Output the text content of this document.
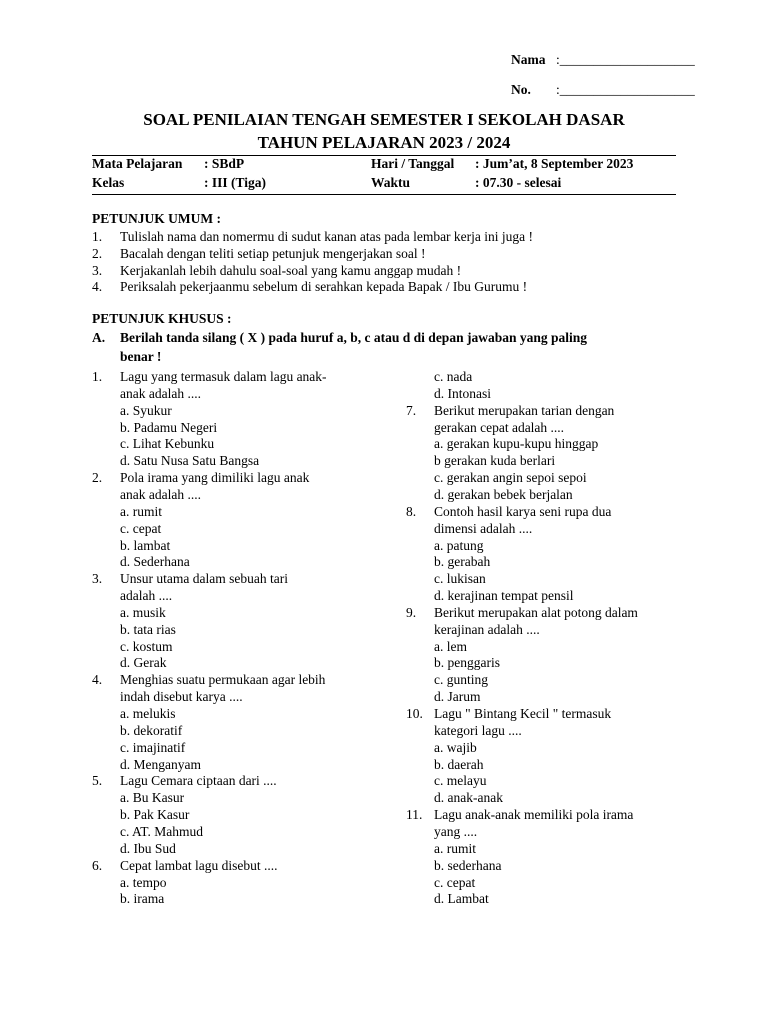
Nama :____________________
No. :____________________
SOAL PENILAIAN TENGAH SEMESTER I SEKOLAH DASAR
TAHUN PELAJARAN 2023 / 2024
Mata Pelajaran : SBdP	Hari / Tanggal : Jum’at, 8 September 2023
Kelas	: III (Tiga)	Waktu	: 07.30 - selesai
PETUNJUK UMUM :
1. Tulislah nama dan nomermu di sudut kanan atas pada lembar kerja ini juga !
2. Bacalah dengan teliti setiap petunjuk mengerjakan soal !
3. Kerjakanlah lebih dahulu soal-soal yang kamu anggap mudah !
4. Periksalah pekerjaanmu sebelum di serahkan kepada Bapak / Ibu Gurumu !
PETUNJUK KHUSUS :
A. Berilah tanda silang ( X ) pada huruf a, b, c atau d di depan jawaban yang paling
benar !
1. Lagu yang termasuk dalam lagu anak-
anak adalah ....
a. Syukur
b. Padamu Negeri
c. Lihat Kebunku
d. Satu Nusa Satu Bangsa
2. Pola irama yang dimiliki lagu anak
anak adalah ....
a. rumit
c. cepat
b. lambat
d. Sederhana
3. Unsur utama dalam sebuah tari
adalah ....
a. musik
b. tata rias
c. kostum
d. Gerak
4. Menghias suatu permukaan agar lebih
indah disebut karya ....
a. melukis
b. dekoratif
c. imajinatif
d. Menganyam
5. Lagu Cemara ciptaan dari ....
a. Bu Kasur
b. Pak Kasur
c. AT. Mahmud
d. Ibu Sud
6. Cepat lambat lagu disebut ....
a. tempo
b. irama
c. nada
d. Intonasi
7. Berikut merupakan tarian dengan
gerakan cepat adalah ....
a. gerakan kupu-kupu hinggap
b gerakan kuda berlari
c. gerakan angin sepoi sepoi
d. gerakan bebek berjalan
8. Contoh hasil karya seni rupa dua
dimensi adalah ....
a. patung
b. gerabah
c. lukisan
d. kerajinan tempat pensil
9. Berikut merupakan alat potong dalam
kerajinan adalah ....
a. lem
b. penggaris
c. gunting
d. Jarum
10. Lagu " Bintang Kecil " termasuk
kategori lagu ....
a. wajib
b. daerah
c. melayu
d. anak-anak
11. Lagu anak-anak memiliki pola irama
yang ....
a. rumit
b. sederhana
c. cepat
d. Lambat
